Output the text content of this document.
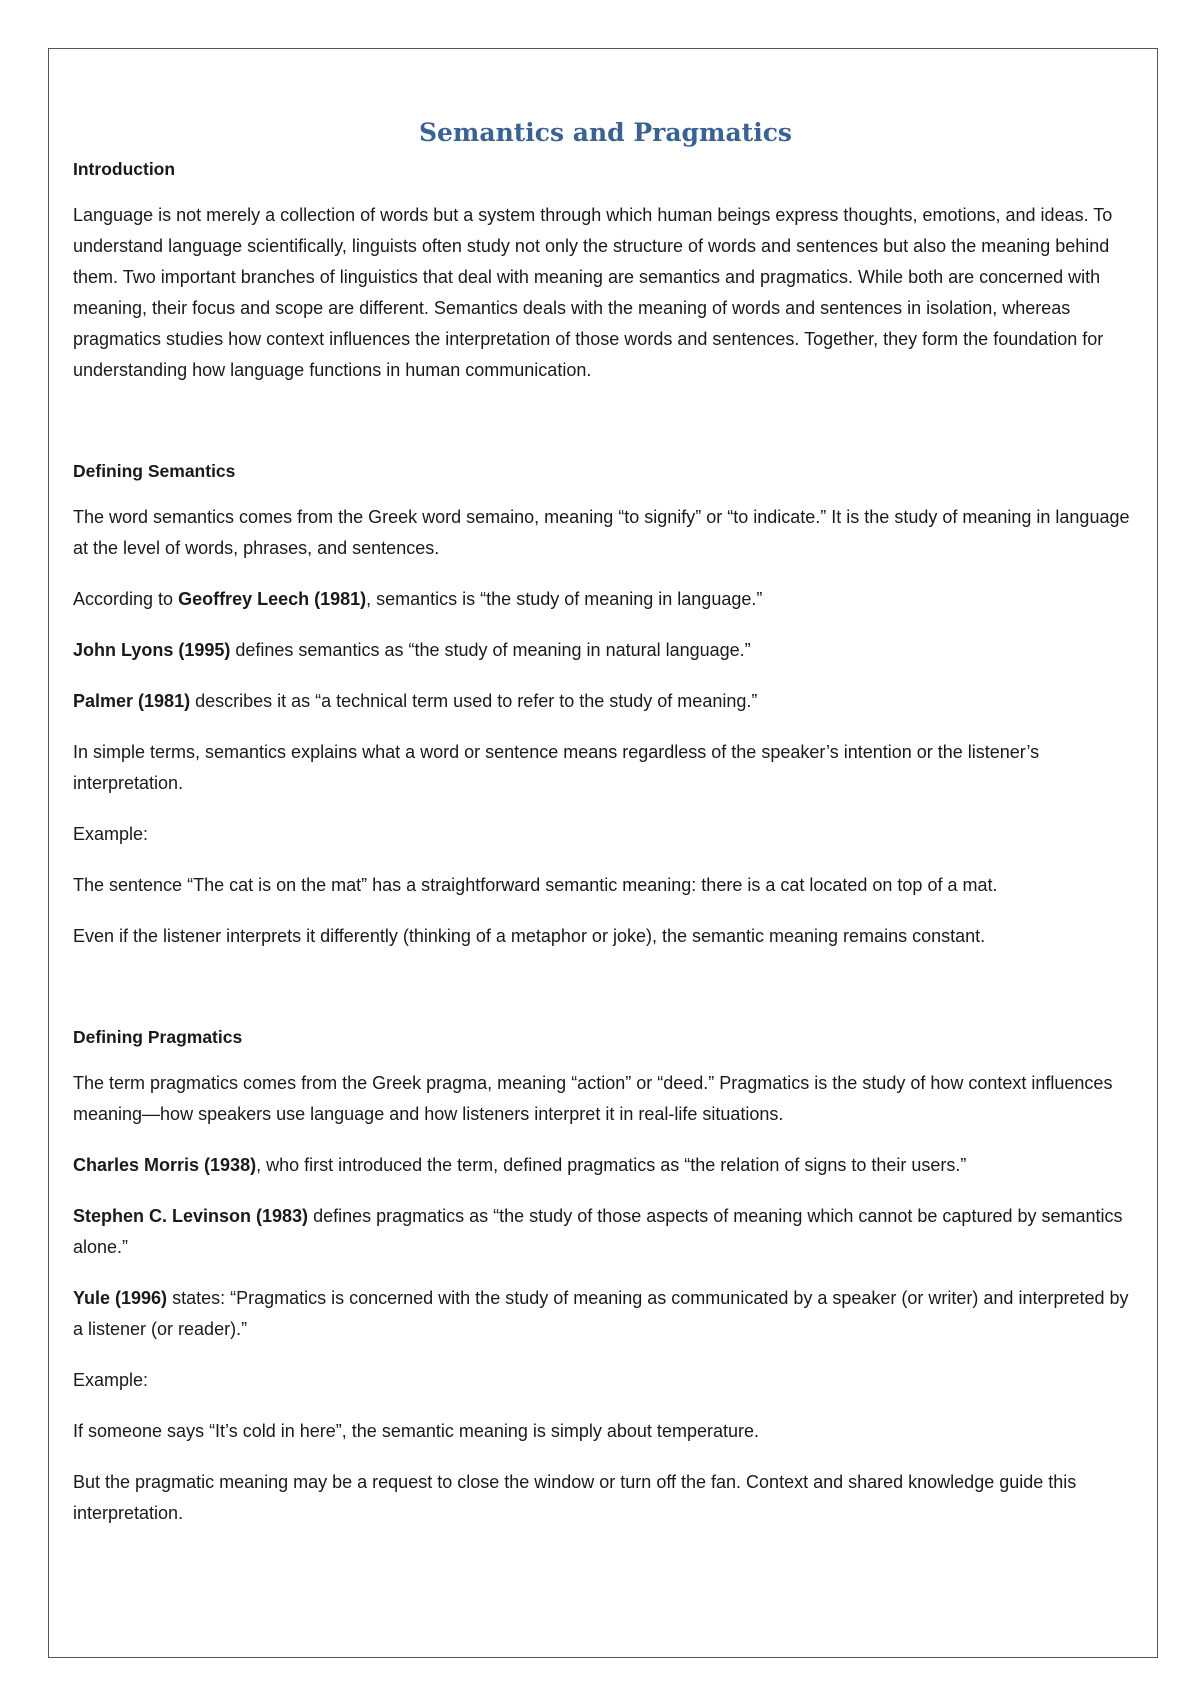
Semantics and Pragmatics
Introduction

Language is not merely a collection of words but a system through which human beings express thoughts, emotions, and ideas. To understand language scientifically, linguists often study not only the structure of words and sentences but also the meaning behind them. Two important branches of linguistics that deal with meaning are semantics and pragmatics. While both are concerned with meaning, their focus and scope are different. Semantics deals with the meaning of words and sentences in isolation, whereas pragmatics studies how context influences the interpretation of those words and sentences. Together, they form the foundation for understanding how language functions in human communication.

Defining Semantics

The word semantics comes from the Greek word semaino, meaning “to signify” or “to indicate.” It is the study of meaning in language at the level of words, phrases, and sentences.

According to Geoffrey Leech (1981), semantics is “the study of meaning in language.”

John Lyons (1995) defines semantics as “the study of meaning in natural language.”

Palmer (1981) describes it as “a technical term used to refer to the study of meaning.”

In simple terms, semantics explains what a word or sentence means regardless of the speaker’s intention or the listener’s interpretation.

Example:

The sentence “The cat is on the mat” has a straightforward semantic meaning: there is a cat located on top of a mat.

Even if the listener interprets it differently (thinking of a metaphor or joke), the semantic meaning remains constant.

Defining Pragmatics

The term pragmatics comes from the Greek pragma, meaning “action” or “deed.” Pragmatics is the study of how context influences meaning—how speakers use language and how listeners interpret it in real-life situations.

Charles Morris (1938), who first introduced the term, defined pragmatics as “the relation of signs to their users.”

Stephen C. Levinson (1983) defines pragmatics as “the study of those aspects of meaning which cannot be captured by semantics alone.”

Yule (1996) states: “Pragmatics is concerned with the study of meaning as communicated by a speaker (or writer) and interpreted by a listener (or reader).”

Example:

If someone says “It’s cold in here”, the semantic meaning is simply about temperature.

But the pragmatic meaning may be a request to close the window or turn off the fan. Context and shared knowledge guide this interpretation.
